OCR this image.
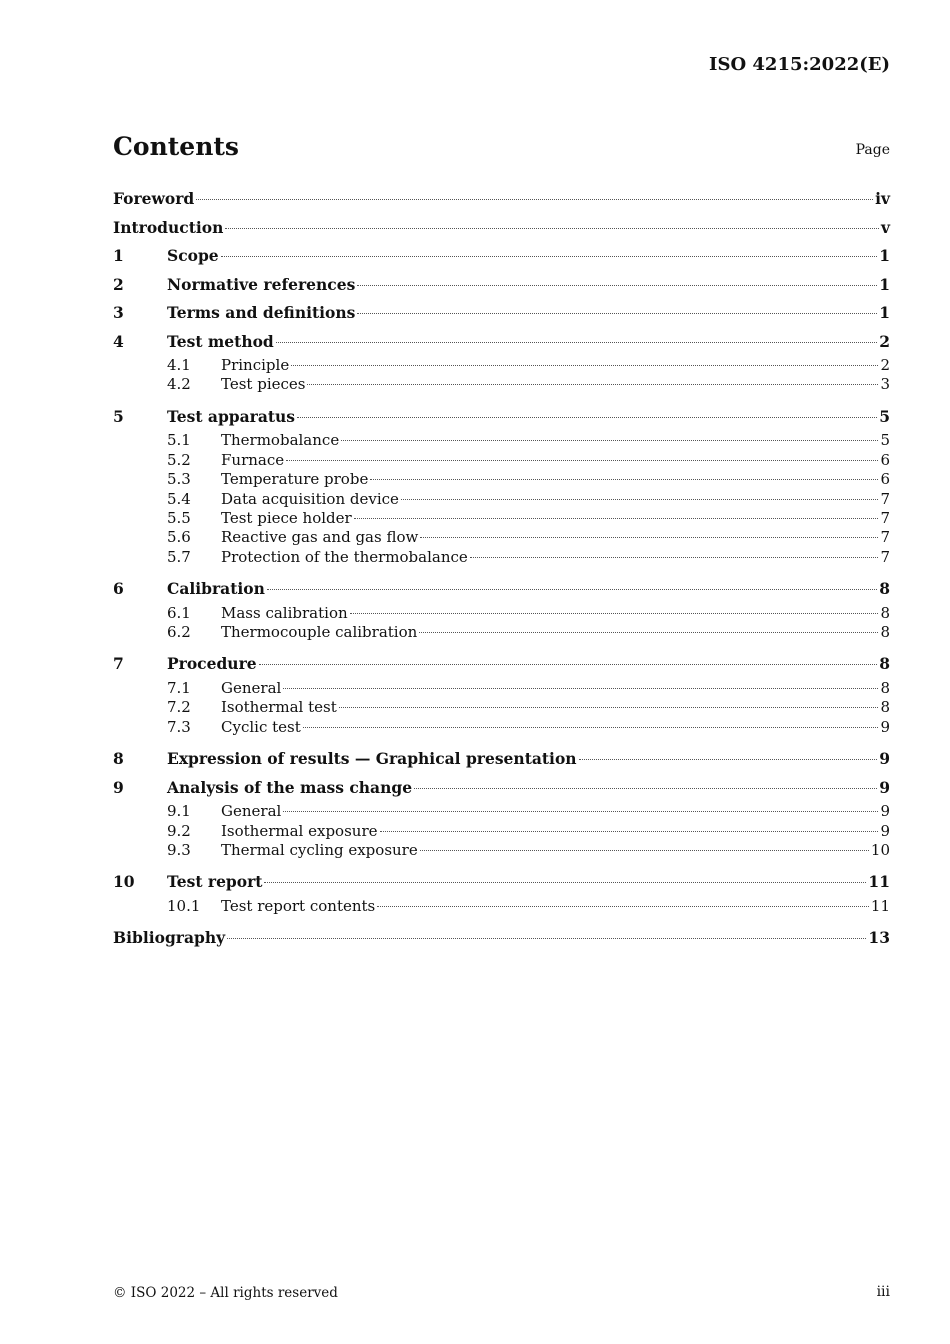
ISO 4215:2022(E)
Contents	Page
Foreword	iv
Introduction	v
1	Scope	1
2	Normative references	1
3	Terms and definitions	1
4	Test method	2
4.1	Principle	2
4.2	Test pieces	3
5	Test apparatus	5
5.1	Thermobalance	5
5.2	Furnace	6
5.3	Temperature probe	6
5.4	Data acquisition device	7
5.5	Test piece holder	7
5.6	Reactive gas and gas flow	7
5.7	Protection of the thermobalance	7
6	Calibration	8
6.1	Mass calibration	8
6.2	Thermocouple calibration	8
7	Procedure	8
7.1	General	8
7.2	Isothermal test	8
7.3	Cyclic test	9
8	Expression of results — Graphical presentation	9
9	Analysis of the mass change	9
9.1	General	9
9.2	Isothermal exposure	9
9.3	Thermal cycling exposure	10
10	Test report	11
10.1	Test report contents	11
Bibliography	13
© ISO 2022 – All rights reserved	iii
